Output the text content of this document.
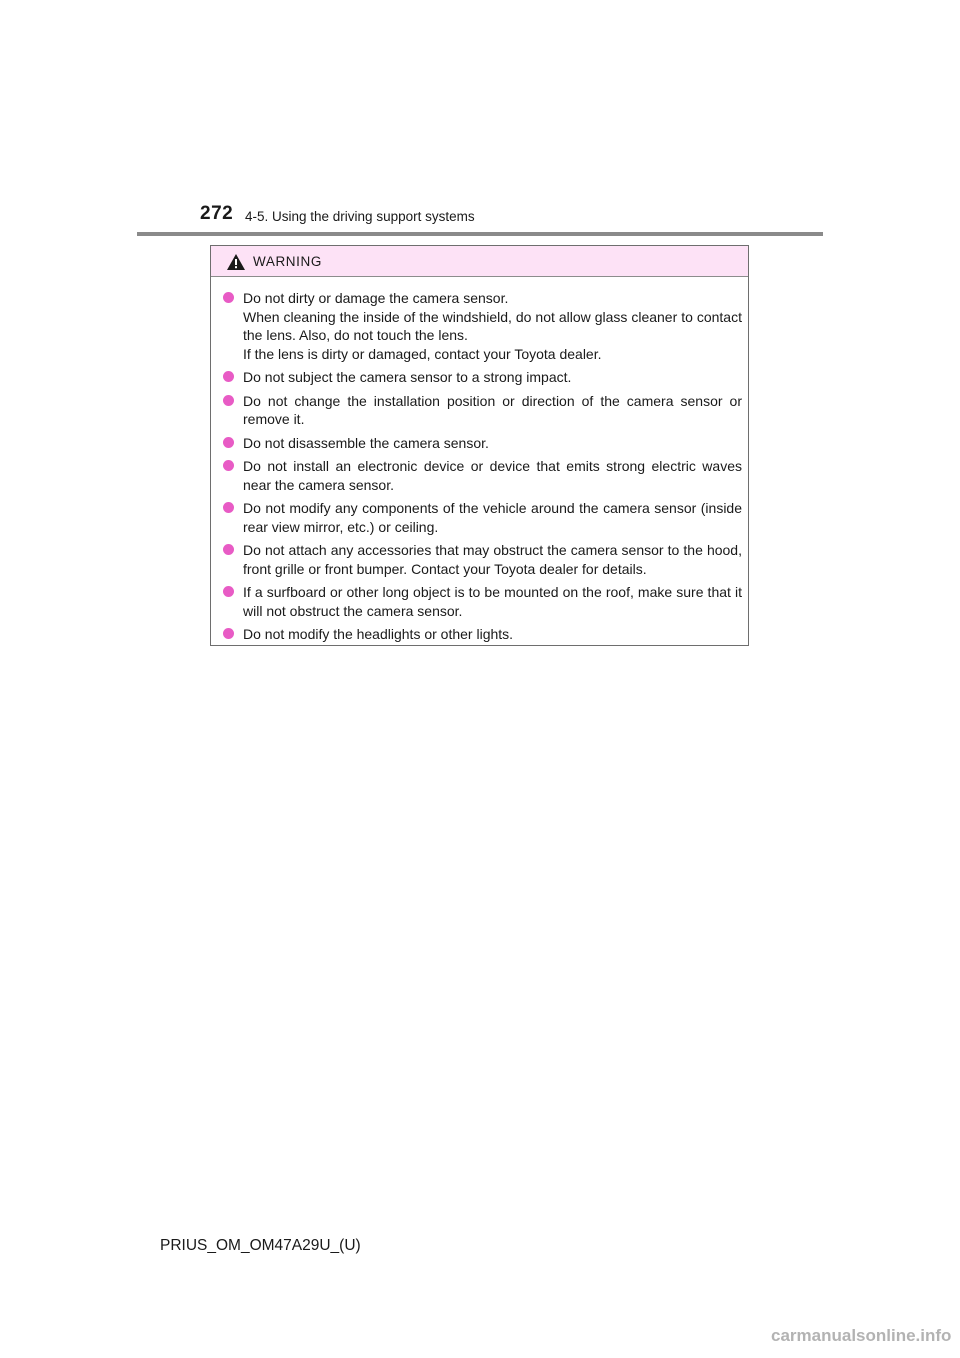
272 4-5. Using the driving support systems
WARNING
Do not dirty or damage the camera sensor.
When cleaning the inside of the windshield, do not allow glass cleaner to contact the lens. Also, do not touch the lens.
If the lens is dirty or damaged, contact your Toyota dealer.
Do not subject the camera sensor to a strong impact.
Do not change the installation position or direction of the camera sensor or remove it.
Do not disassemble the camera sensor.
Do not install an electronic device or device that emits strong electric waves near the camera sensor.
Do not modify any components of the vehicle around the camera sensor (inside rear view mirror, etc.) or ceiling.
Do not attach any accessories that may obstruct the camera sensor to the hood, front grille or front bumper. Contact your Toyota dealer for details.
If a surfboard or other long object is to be mounted on the roof, make sure that it will not obstruct the camera sensor.
Do not modify the headlights or other lights.
PRIUS_OM_OM47A29U_(U)
carmanualsonline.info
